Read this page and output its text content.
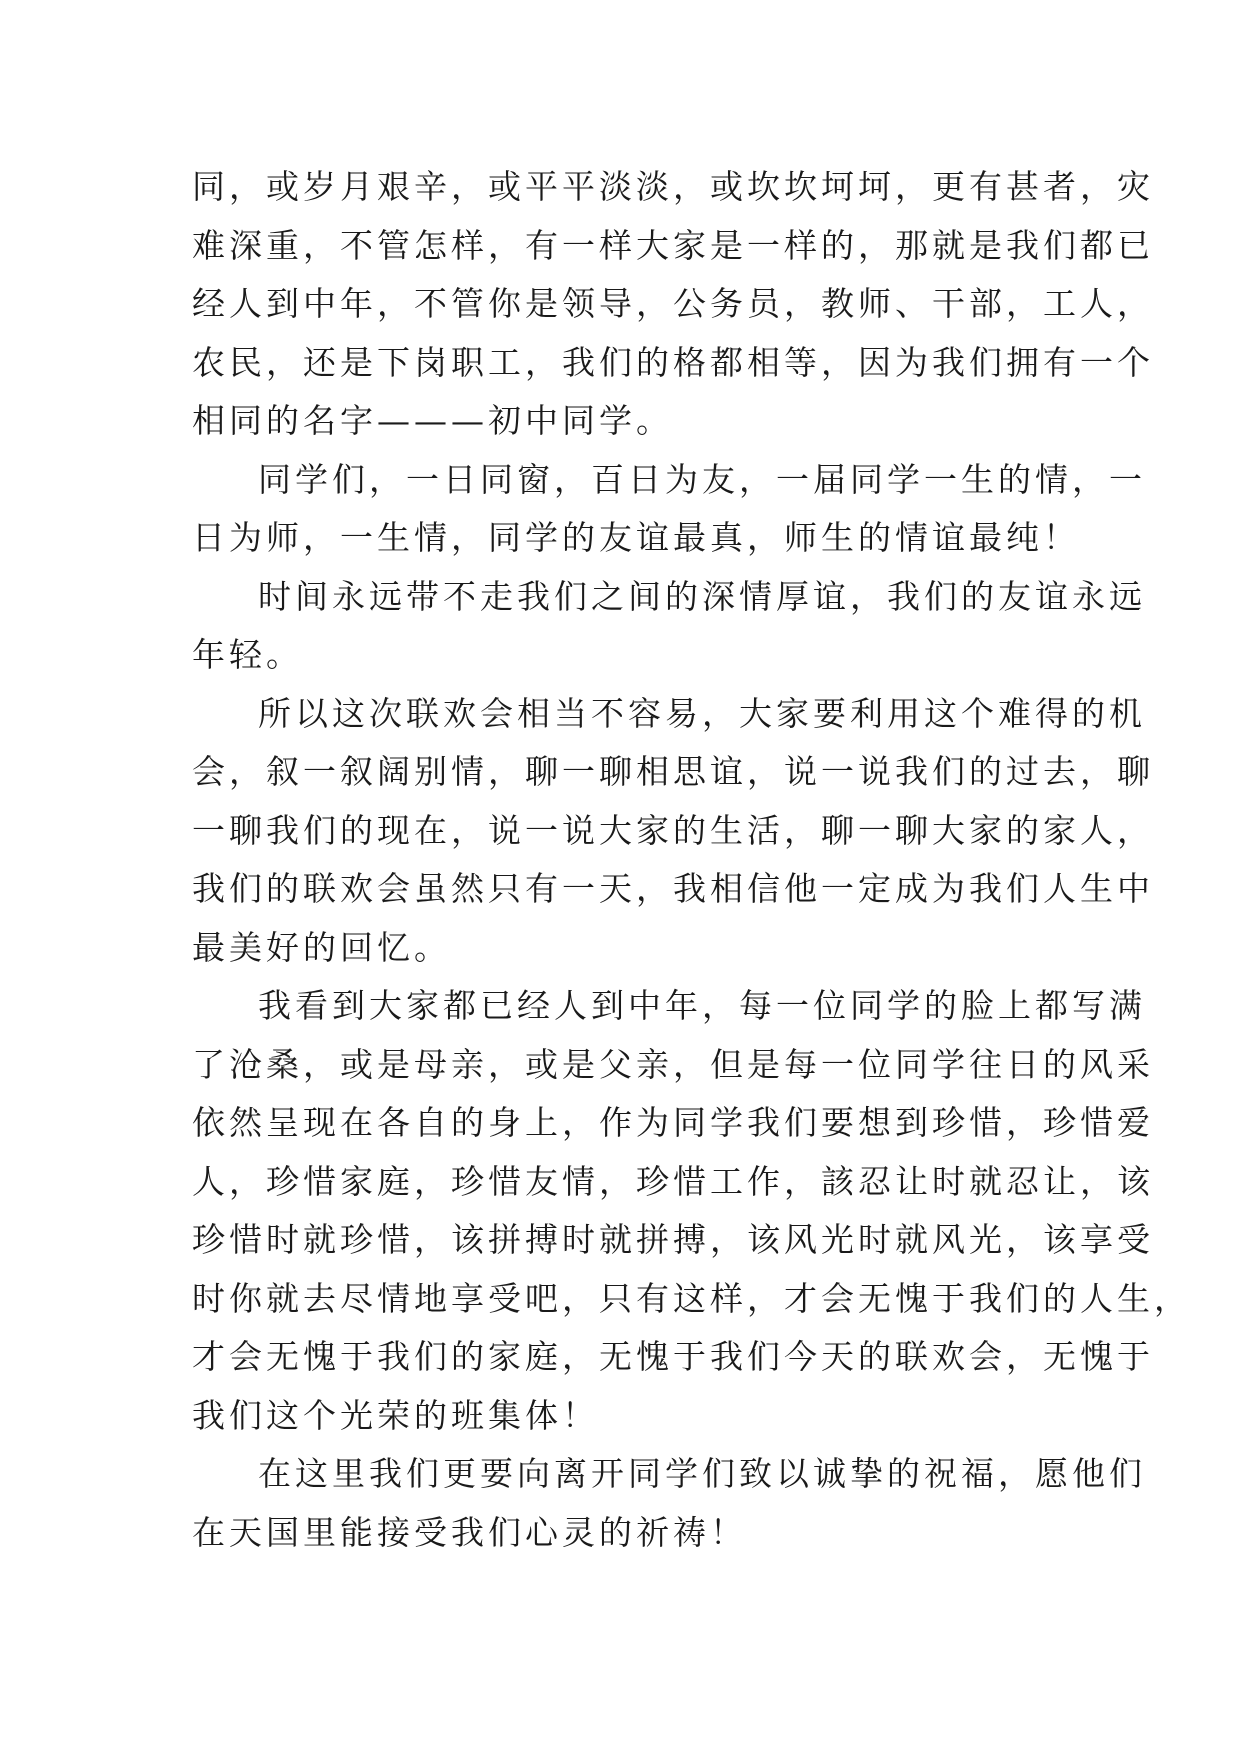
同，或岁月艰辛，或平平淡淡，或坎坎坷坷，更有甚者，灾
难深重，不管怎样，有一样大家是一样的，那就是我们都已
经人到中年，不管你是领导，公务员，教师、干部，工人，
农民，还是下岗职工，我们的格都相等，因为我们拥有一个
相同的名字———初中同学。
同学们，一日同窗，百日为友，一届同学一生的情，一
日为师，一生情，同学的友谊最真，师生的情谊最纯！
时间永远带不走我们之间的深情厚谊，我们的友谊永远
年轻。
所以这次联欢会相当不容易，大家要利用这个难得的机
会，叙一叙阔别情，聊一聊相思谊，说一说我们的过去，聊
一聊我们的现在，说一说大家的生活，聊一聊大家的家人，
我们的联欢会虽然只有一天，我相信他一定成为我们人生中
最美好的回忆。
我看到大家都已经人到中年，每一位同学的脸上都写满
了沧桑，或是母亲，或是父亲，但是每一位同学往日的风采
依然呈现在各自的身上，作为同学我们要想到珍惜，珍惜爱
人，珍惜家庭，珍惜友情，珍惜工作，該忍让时就忍让，该
珍惜时就珍惜，该拼搏时就拼搏，该风光时就风光，该享受
时你就去尽情地享受吧，只有这样，才会无愧于我们的人生，
才会无愧于我们的家庭，无愧于我们今天的联欢会，无愧于
我们这个光荣的班集体！
在这里我们更要向离开同学们致以诚挚的祝福，愿他们
在天国里能接受我们心灵的祈祷！
